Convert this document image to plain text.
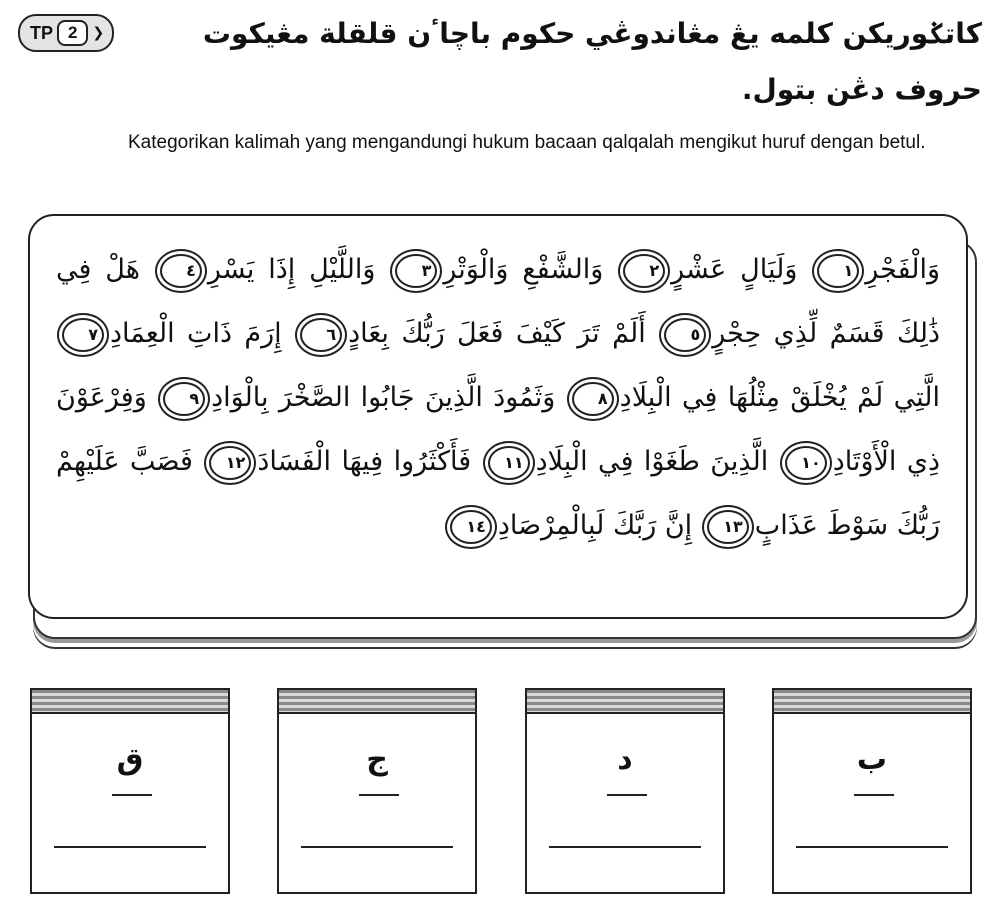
TP 2	❯	كاتݢوريكن كلمه يڠ مڠاندوڠي حکوم باچاٴن قلقلة مڠيکوت حروف دڠن بتول.
Kategorikan kalimah yang mengandungi hukum bacaan qalqalah mengikut huruf dengan betul.
وَالْفَجْرِ١ وَلَيَالٍ عَشْرٍ٢ وَالشَّفْعِ وَالْوَتْرِ٣ وَاللَّيْلِ إِذَا يَسْرِ٤ هَلْ فِي ذَٰلِكَ قَسَمٌ لِّذِي حِجْرٍ٥ أَلَمْ تَرَ كَيْفَ فَعَلَ رَبُّكَ بِعَادٍ٦ إِرَمَ ذَاتِ الْعِمَادِ٧ الَّتِي لَمْ يُخْلَقْ مِثْلُهَا فِي الْبِلَادِ٨ وَثَمُودَ الَّذِينَ جَابُوا الصَّخْرَ بِالْوَادِ٩ وَفِرْعَوْنَ ذِي الْأَوْتَادِ١٠ الَّذِينَ طَغَوْا فِي الْبِلَادِ١١ فَأَكْثَرُوا فِيهَا الْفَسَادَ١٢ فَصَبَّ عَلَيْهِمْ رَبُّكَ سَوْطَ عَذَابٍ١٣ إِنَّ رَبَّكَ لَبِالْمِرْصَادِ١٤
ب
د
ج
ق
